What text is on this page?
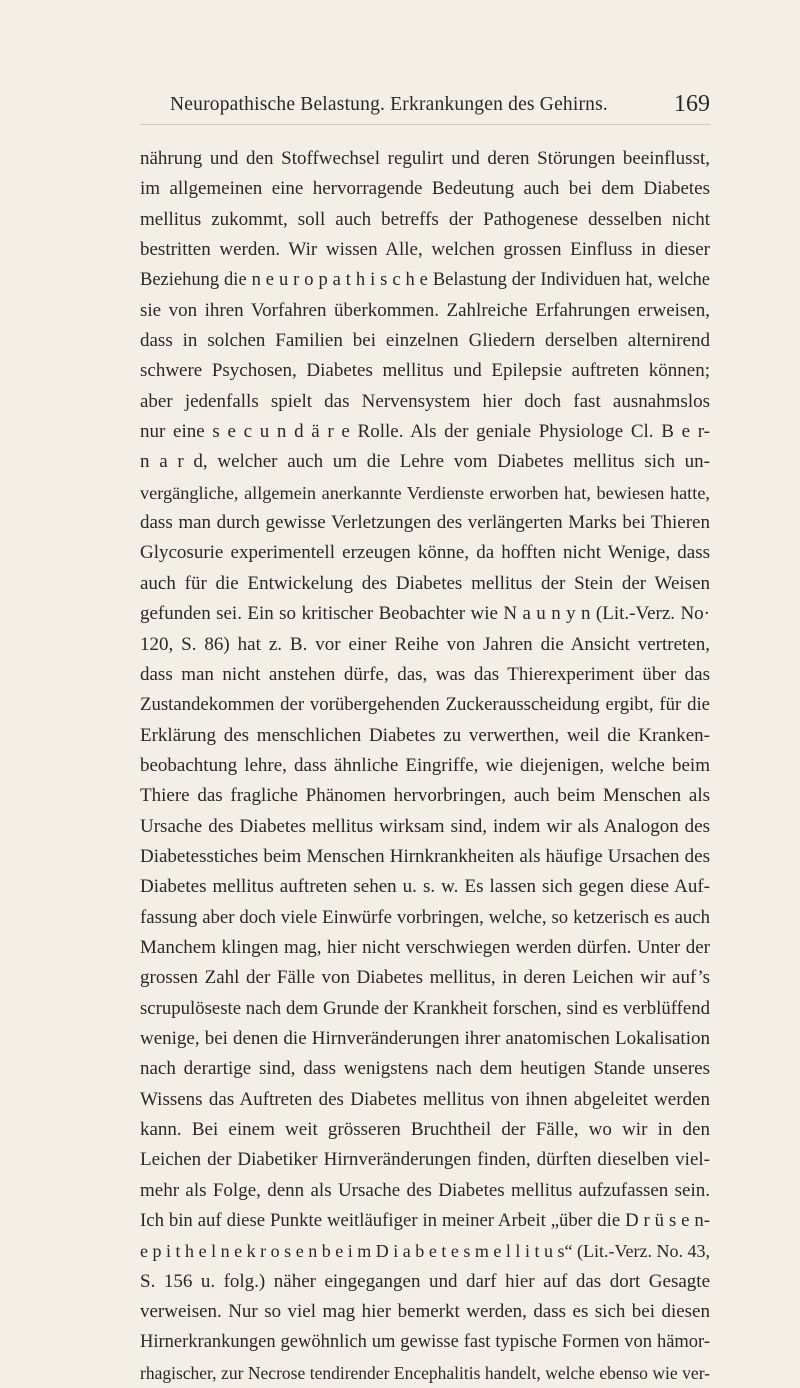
Neuropathische Belastung. Erkrankungen des Gehirns.	169
nährung und den Stoffwechsel regulirt und deren Störungen beeinflusst,
im allgemeinen eine hervorragende Bedeutung auch bei dem Diabetes
mellitus zukommt, soll auch betreffs der Pathogenese desselben nicht
bestritten werden. Wir wissen Alle, welchen grossen Einfluss in dieser
Beziehung die n e u r o p a t h i s c h e Belastung der Individuen hat, welche
sie von ihren Vorfahren überkommen. Zahlreiche Erfahrungen erweisen,
dass in solchen Familien bei einzelnen Gliedern derselben alternirend
schwere Psychosen, Diabetes mellitus und Epilepsie auftreten können;
aber jedenfalls spielt das Nervensystem hier doch fast ausnahmslos
nur eine s e c u n d ä r e Rolle. Als der geniale Physiologe Cl. B e r-
n a r d, welcher auch um die Lehre vom Diabetes mellitus sich un-
vergängliche, allgemein anerkannte Verdienste erworben hat, bewiesen hatte,
dass man durch gewisse Verletzungen des verlängerten Marks bei Thieren
Glycosurie experimentell erzeugen könne, da hofften nicht Wenige, dass
auch für die Entwickelung des Diabetes mellitus der Stein der Weisen
gefunden sei. Ein so kritischer Beobachter wie N a u n y n (Lit.-Verz. No·
120, S. 86) hat z. B. vor einer Reihe von Jahren die Ansicht vertreten,
dass man nicht anstehen dürfe, das, was das Thierexperiment über das
Zustandekommen der vorübergehenden Zuckerausscheidung ergibt, für die
Erklärung des menschlichen Diabetes zu verwerthen, weil die Kranken-
beobachtung lehre, dass ähnliche Eingriffe, wie diejenigen, welche beim
Thiere das fragliche Phänomen hervorbringen, auch beim Menschen als
Ursache des Diabetes mellitus wirksam sind, indem wir als Analogon des
Diabetesstiches beim Menschen Hirnkrankheiten als häufige Ursachen des
Diabetes mellitus auftreten sehen u. s. w. Es lassen sich gegen diese Auf-
fassung aber doch viele Einwürfe vorbringen, welche, so ketzerisch es auch
Manchem klingen mag, hier nicht verschwiegen werden dürfen. Unter der
grossen Zahl der Fälle von Diabetes mellitus, in deren Leichen wir auf’s
scrupulöseste nach dem Grunde der Krankheit forschen, sind es verblüffend
wenige, bei denen die Hirnveränderungen ihrer anatomischen Lokalisation
nach derartige sind, dass wenigstens nach dem heutigen Stande unseres
Wissens das Auftreten des Diabetes mellitus von ihnen abgeleitet werden
kann. Bei einem weit grösseren Bruchtheil der Fälle, wo wir in den
Leichen der Diabetiker Hirnveränderungen finden, dürften dieselben viel-
mehr als Folge, denn als Ursache des Diabetes mellitus aufzufassen sein.
Ich bin auf diese Punkte weitläufiger in meiner Arbeit „über die D r ü s e n-
e p i t h e l n e k r o s e n b e i m D i a b e t e s m e l l i t u s“ (Lit.-Verz. No. 43,
S. 156 u. folg.) näher eingegangen und darf hier auf das dort Gesagte
verweisen. Nur so viel mag hier bemerkt werden, dass es sich bei diesen
Hirnerkrankungen gewöhnlich um gewisse fast typische Formen von hämor-
rhagischer, zur Necrose tendirender Encephalitis handelt, welche ebenso wie ver-
